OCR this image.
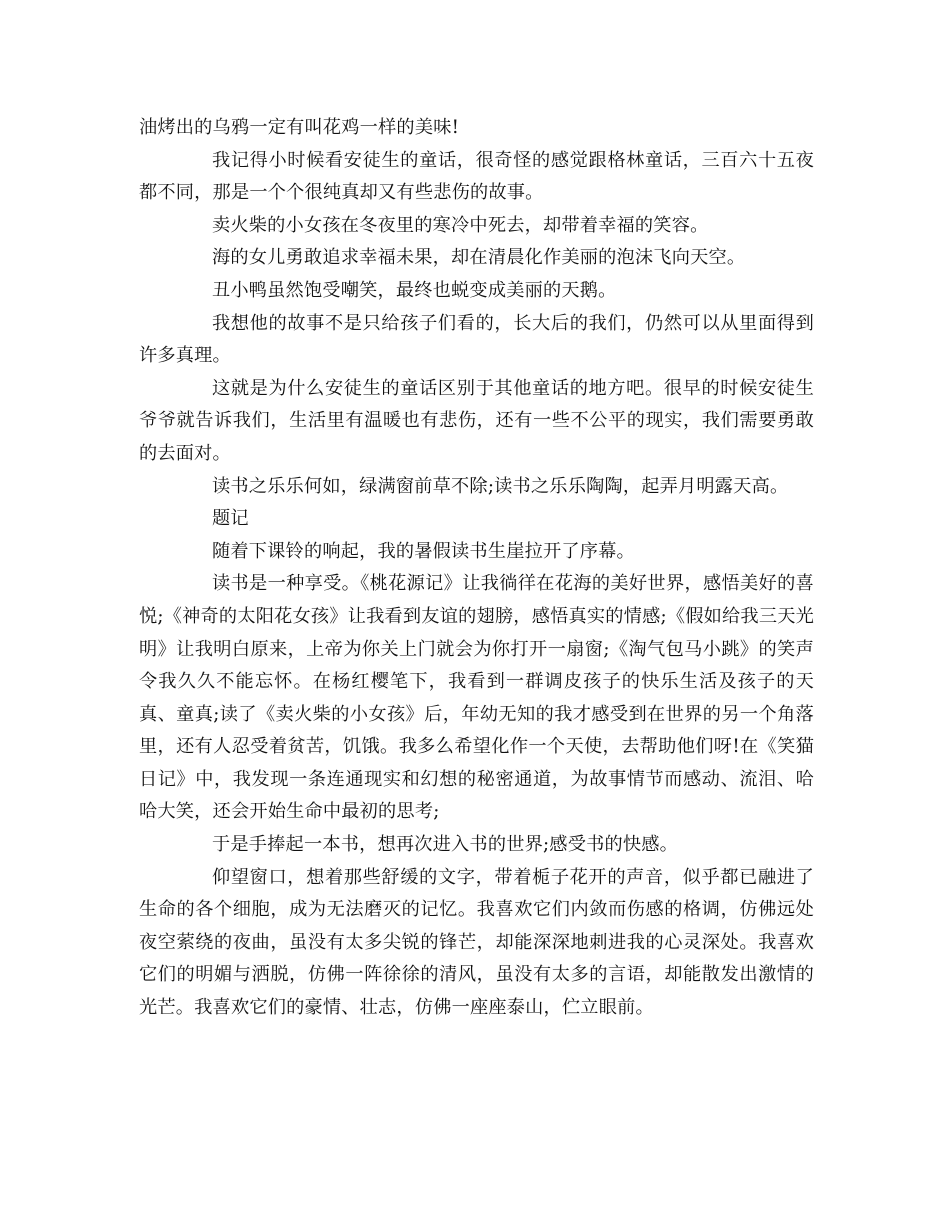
油烤出的乌鸦一定有叫花鸡一样的美味!

我记得小时候看安徒生的童话，很奇怪的感觉跟格林童话，三百六十五夜都不同，那是一个个很纯真却又有些悲伤的故事。

卖火柴的小女孩在冬夜里的寒冷中死去，却带着幸福的笑容。

海的女儿勇敢追求幸福未果，却在清晨化作美丽的泡沫飞向天空。

丑小鸭虽然饱受嘲笑，最终也蜕变成美丽的天鹅。

我想他的故事不是只给孩子们看的，长大后的我们，仍然可以从里面得到许多真理。

这就是为什么安徒生的童话区别于其他童话的地方吧。很早的时候安徒生爷爷就告诉我们，生活里有温暖也有悲伤，还有一些不公平的现实，我们需要勇敢的去面对。

读书之乐乐何如，绿满窗前草不除;读书之乐乐陶陶，起弄月明露天高。

题记

随着下课铃的响起，我的暑假读书生崖拉开了序幕。

读书是一种享受。《桃花源记》让我徜徉在花海的美好世界，感悟美好的喜悦;《神奇的太阳花女孩》让我看到友谊的翅膀，感悟真实的情感;《假如给我三天光明》让我明白原来，上帝为你关上门就会为你打开一扇窗;《淘气包马小跳》的笑声令我久久不能忘怀。在杨红樱笔下，我看到一群调皮孩子的快乐生活及孩子的天真、童真;读了《卖火柴的小女孩》后，年幼无知的我才感受到在世界的另一个角落里，还有人忍受着贫苦，饥饿。我多么希望化作一个天使，去帮助他们呀!在《笑猫日记》中，我发现一条连通现实和幻想的秘密通道，为故事情节而感动、流泪、哈哈大笑，还会开始生命中最初的思考;

于是手捧起一本书，想再次进入书的世界;感受书的快感。

仰望窗口，想着那些舒缓的文字，带着栀子花开的声音，似乎都已融进了生命的各个细胞，成为无法磨灭的记忆。我喜欢它们内敛而伤感的格调，仿佛远处夜空萦绕的夜曲，虽没有太多尖锐的锋芒，却能深深地刺进我的心灵深处。我喜欢它们的明媚与洒脱，仿佛一阵徐徐的清风，虽没有太多的言语，却能散发出激情的光芒。我喜欢它们的豪情、壮志，仿佛一座座泰山，伫立眼前。
